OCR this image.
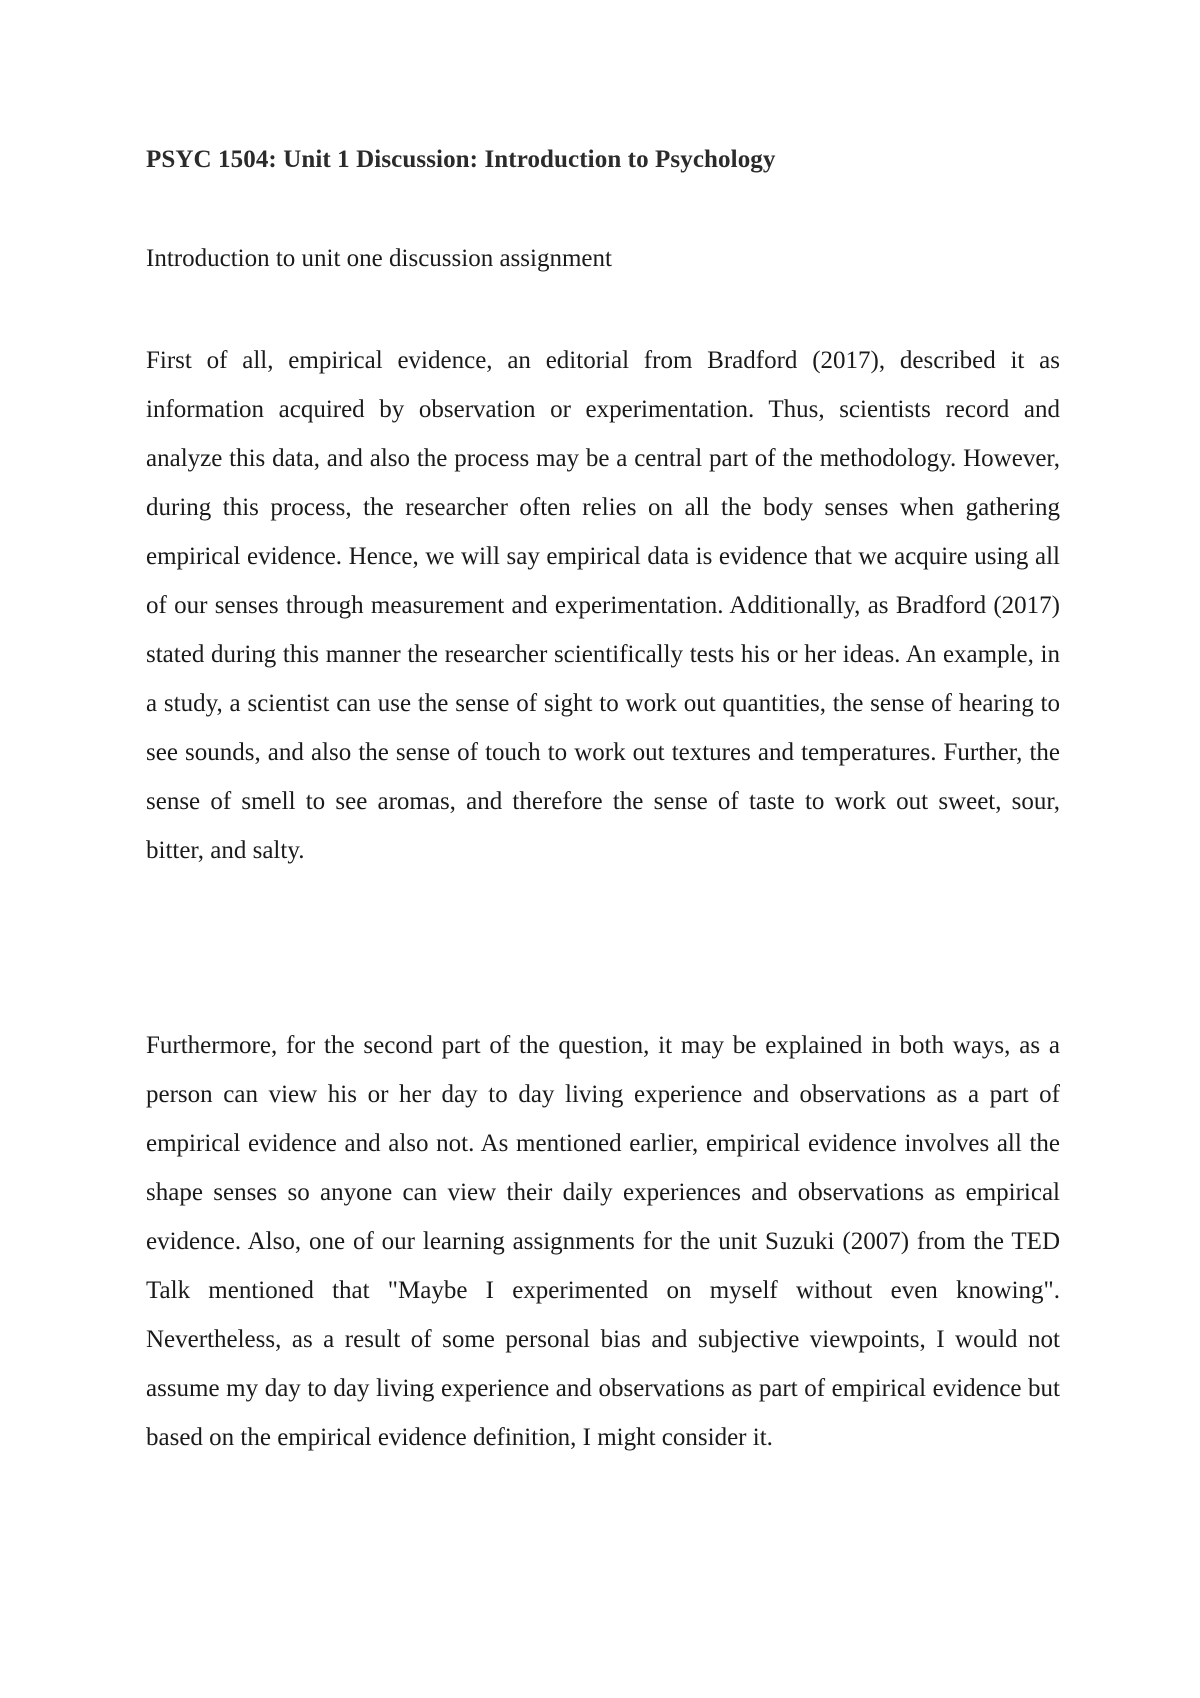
PSYC 1504: Unit 1 Discussion: Introduction to Psychology

Introduction to unit one discussion assignment

First of all, empirical evidence, an editorial from Bradford (2017), described it as information acquired by observation or experimentation. Thus, scientists record and analyze this data, and also the process may be a central part of the methodology. However, during this process, the researcher often relies on all the body senses when gathering empirical evidence. Hence, we will say empirical data is evidence that we acquire using all of our senses through measurement and experimentation. Additionally, as Bradford (2017) stated during this manner the researcher scientifically tests his or her ideas. An example, in a study, a scientist can use the sense of sight to work out quantities, the sense of hearing to see sounds, and also the sense of touch to work out textures and temperatures. Further, the sense of smell to see aromas, and therefore the sense of taste to work out sweet, sour, bitter, and salty.

Furthermore, for the second part of the question, it may be explained in both ways, as a person can view his or her day to day living experience and observations as a part of empirical evidence and also not. As mentioned earlier, empirical evidence involves all the shape senses so anyone can view their daily experiences and observations as empirical evidence. Also, one of our learning assignments for the unit Suzuki (2007) from the TED Talk mentioned that "Maybe I experimented on myself without even knowing". Nevertheless, as a result of some personal bias and subjective viewpoints, I would not assume my day to day living experience and observations as part of empirical evidence but based on the empirical evidence definition, I might consider it.
